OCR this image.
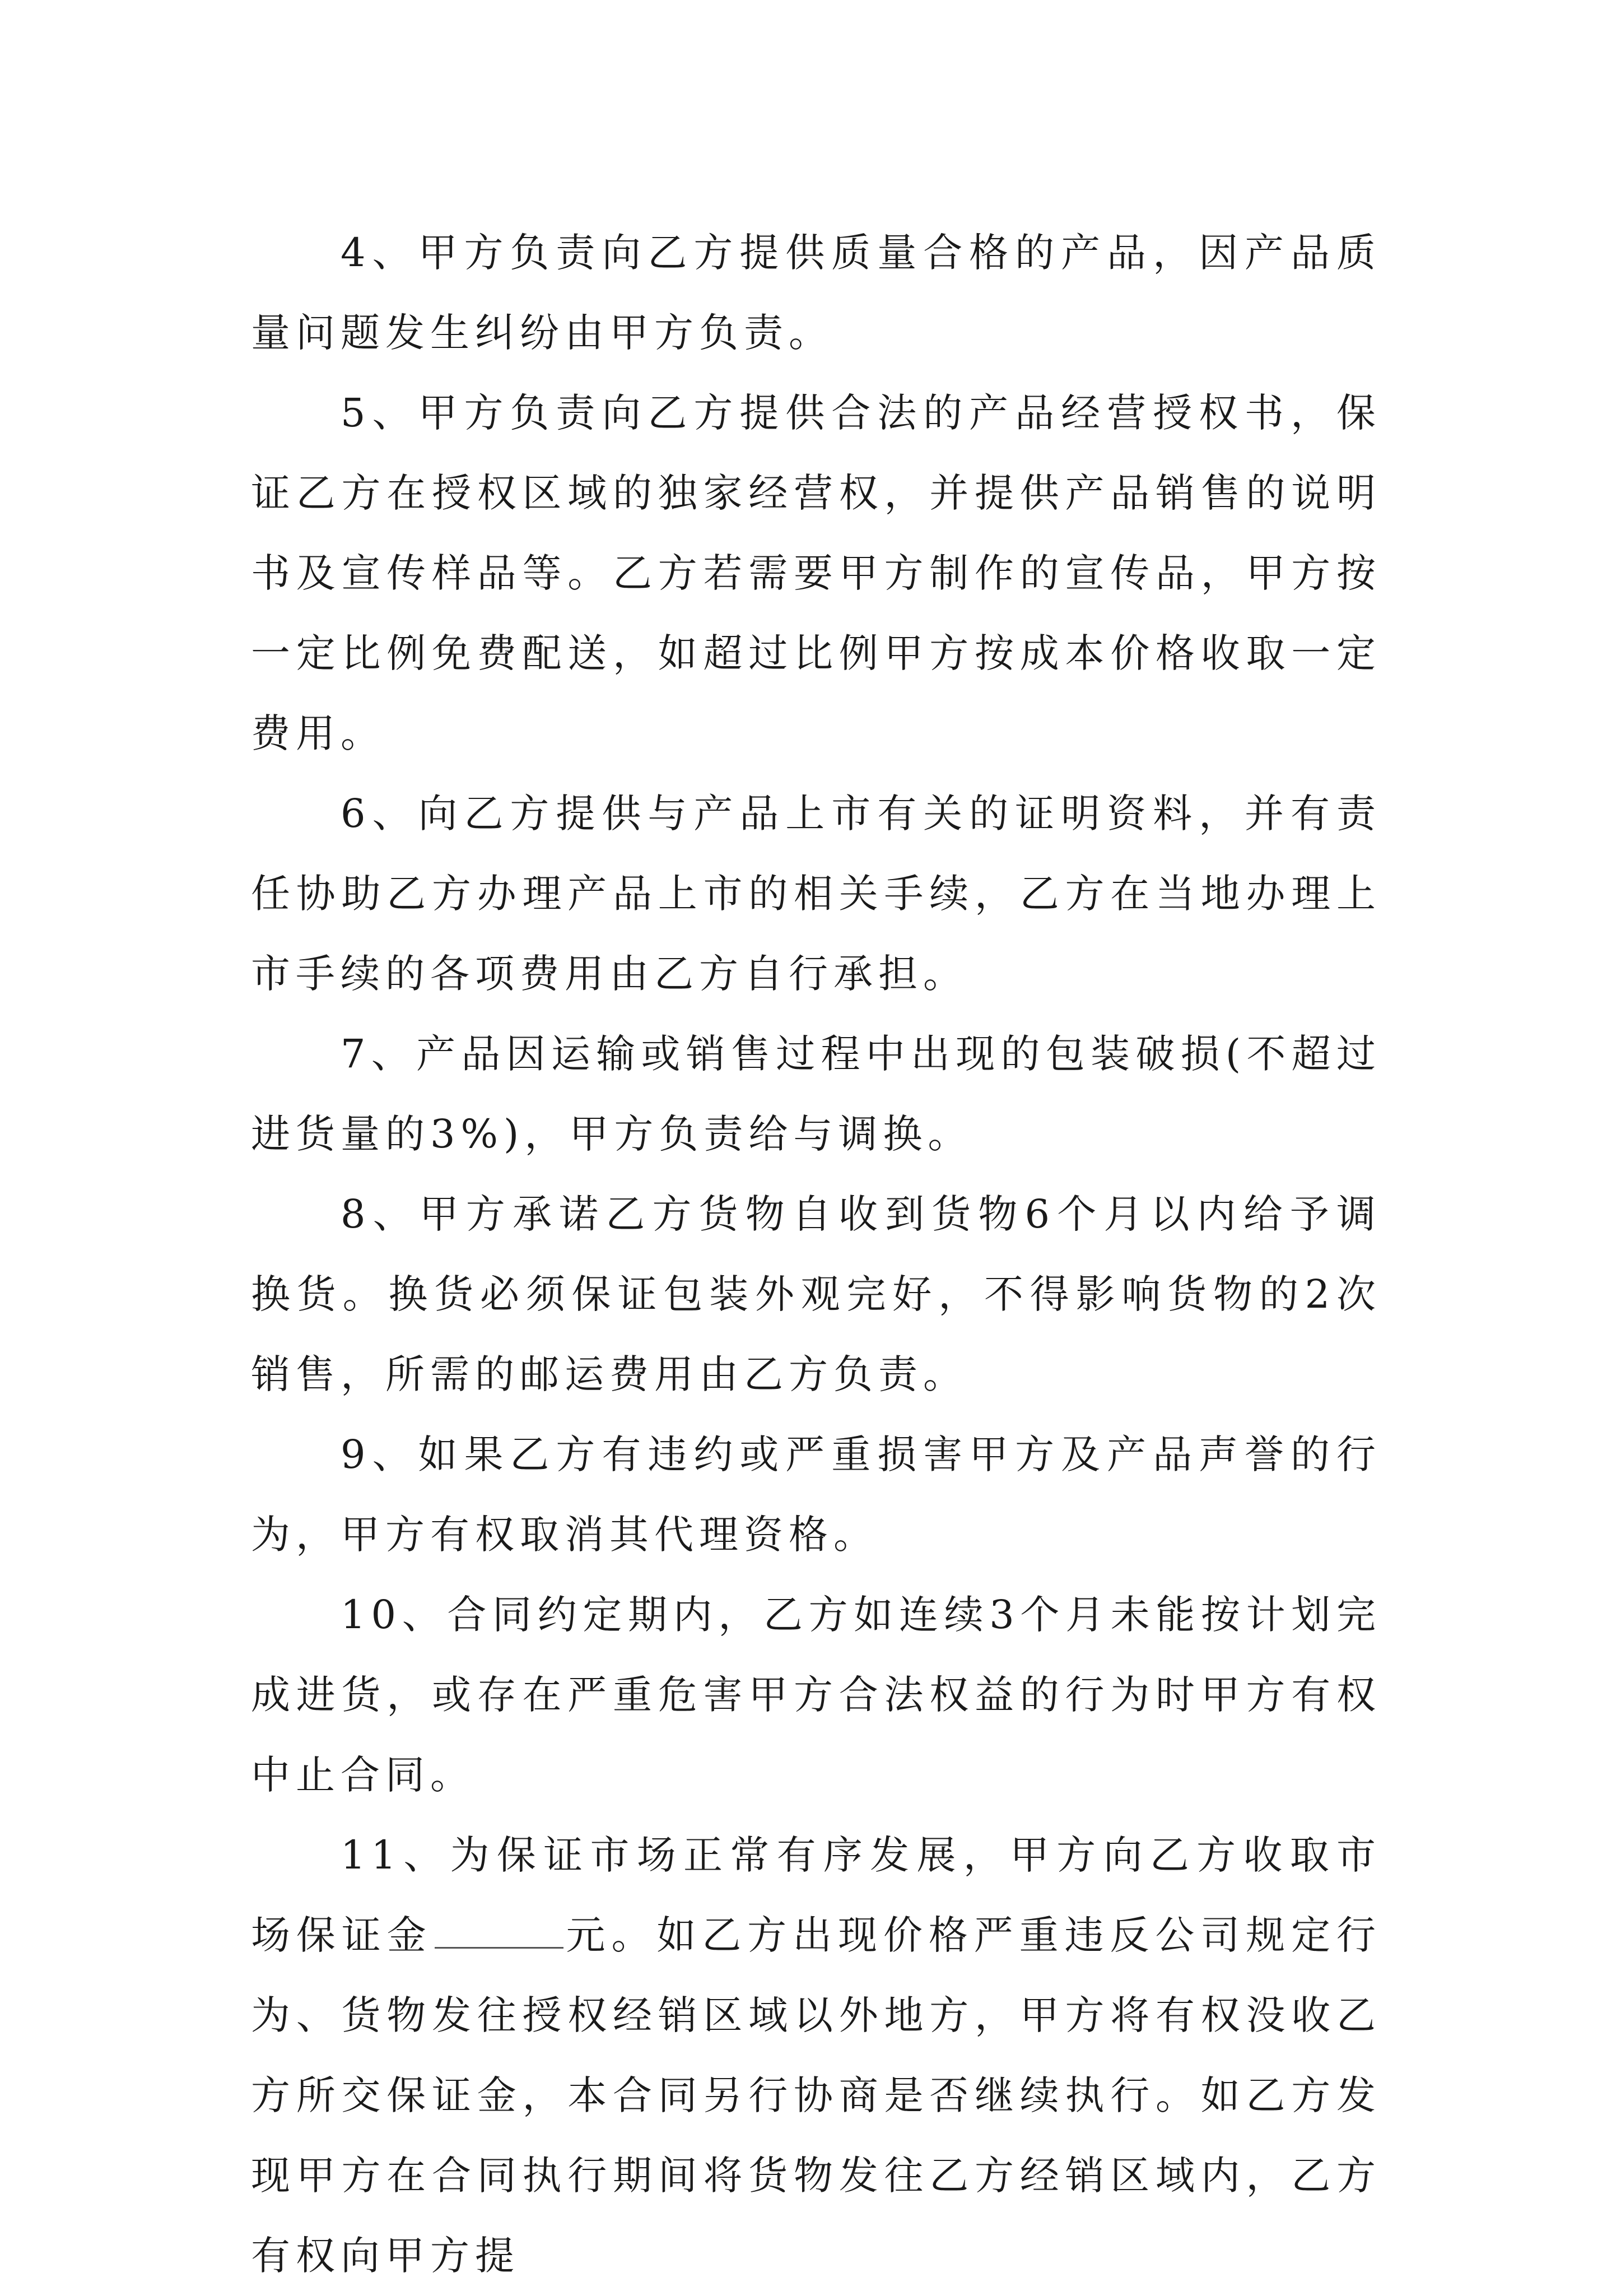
4、甲方负责向乙方提供质量合格的产品，因产品质量问题发生纠纷由甲方负责。

5、甲方负责向乙方提供合法的产品经营授权书，保证乙方在授权区域的独家经营权，并提供产品销售的说明书及宣传样品等。乙方若需要甲方制作的宣传品，甲方按一定比例免费配送，如超过比例甲方按成本价格收取一定费用。

6、向乙方提供与产品上市有关的证明资料，并有责任协助乙方办理产品上市的相关手续，乙方在当地办理上市手续的各项费用由乙方自行承担。

7、产品因运输或销售过程中出现的包装破损(不超过进货量的3%)，甲方负责给与调换。

8、甲方承诺乙方货物自收到货物6个月以内给予调换货。换货必须保证包装外观完好，不得影响货物的2次销售，所需的邮运费用由乙方负责。

9、如果乙方有违约或严重损害甲方及产品声誉的行为，甲方有权取消其代理资格。

10、合同约定期内，乙方如连续3个月未能按计划完成进货，或存在严重危害甲方合法权益的行为时甲方有权中止合同。

11、为保证市场正常有序发展，甲方向乙方收取市场保证金	元。如乙方出现价格严重违反公司规定行为、货物发往授权经销区域以外地方，甲方将有权没收乙方所交保证金，本合同另行协商是否继续执行。如乙方发现甲方在合同执行期间将货物发往乙方经销区域内，乙方有权向甲方提
